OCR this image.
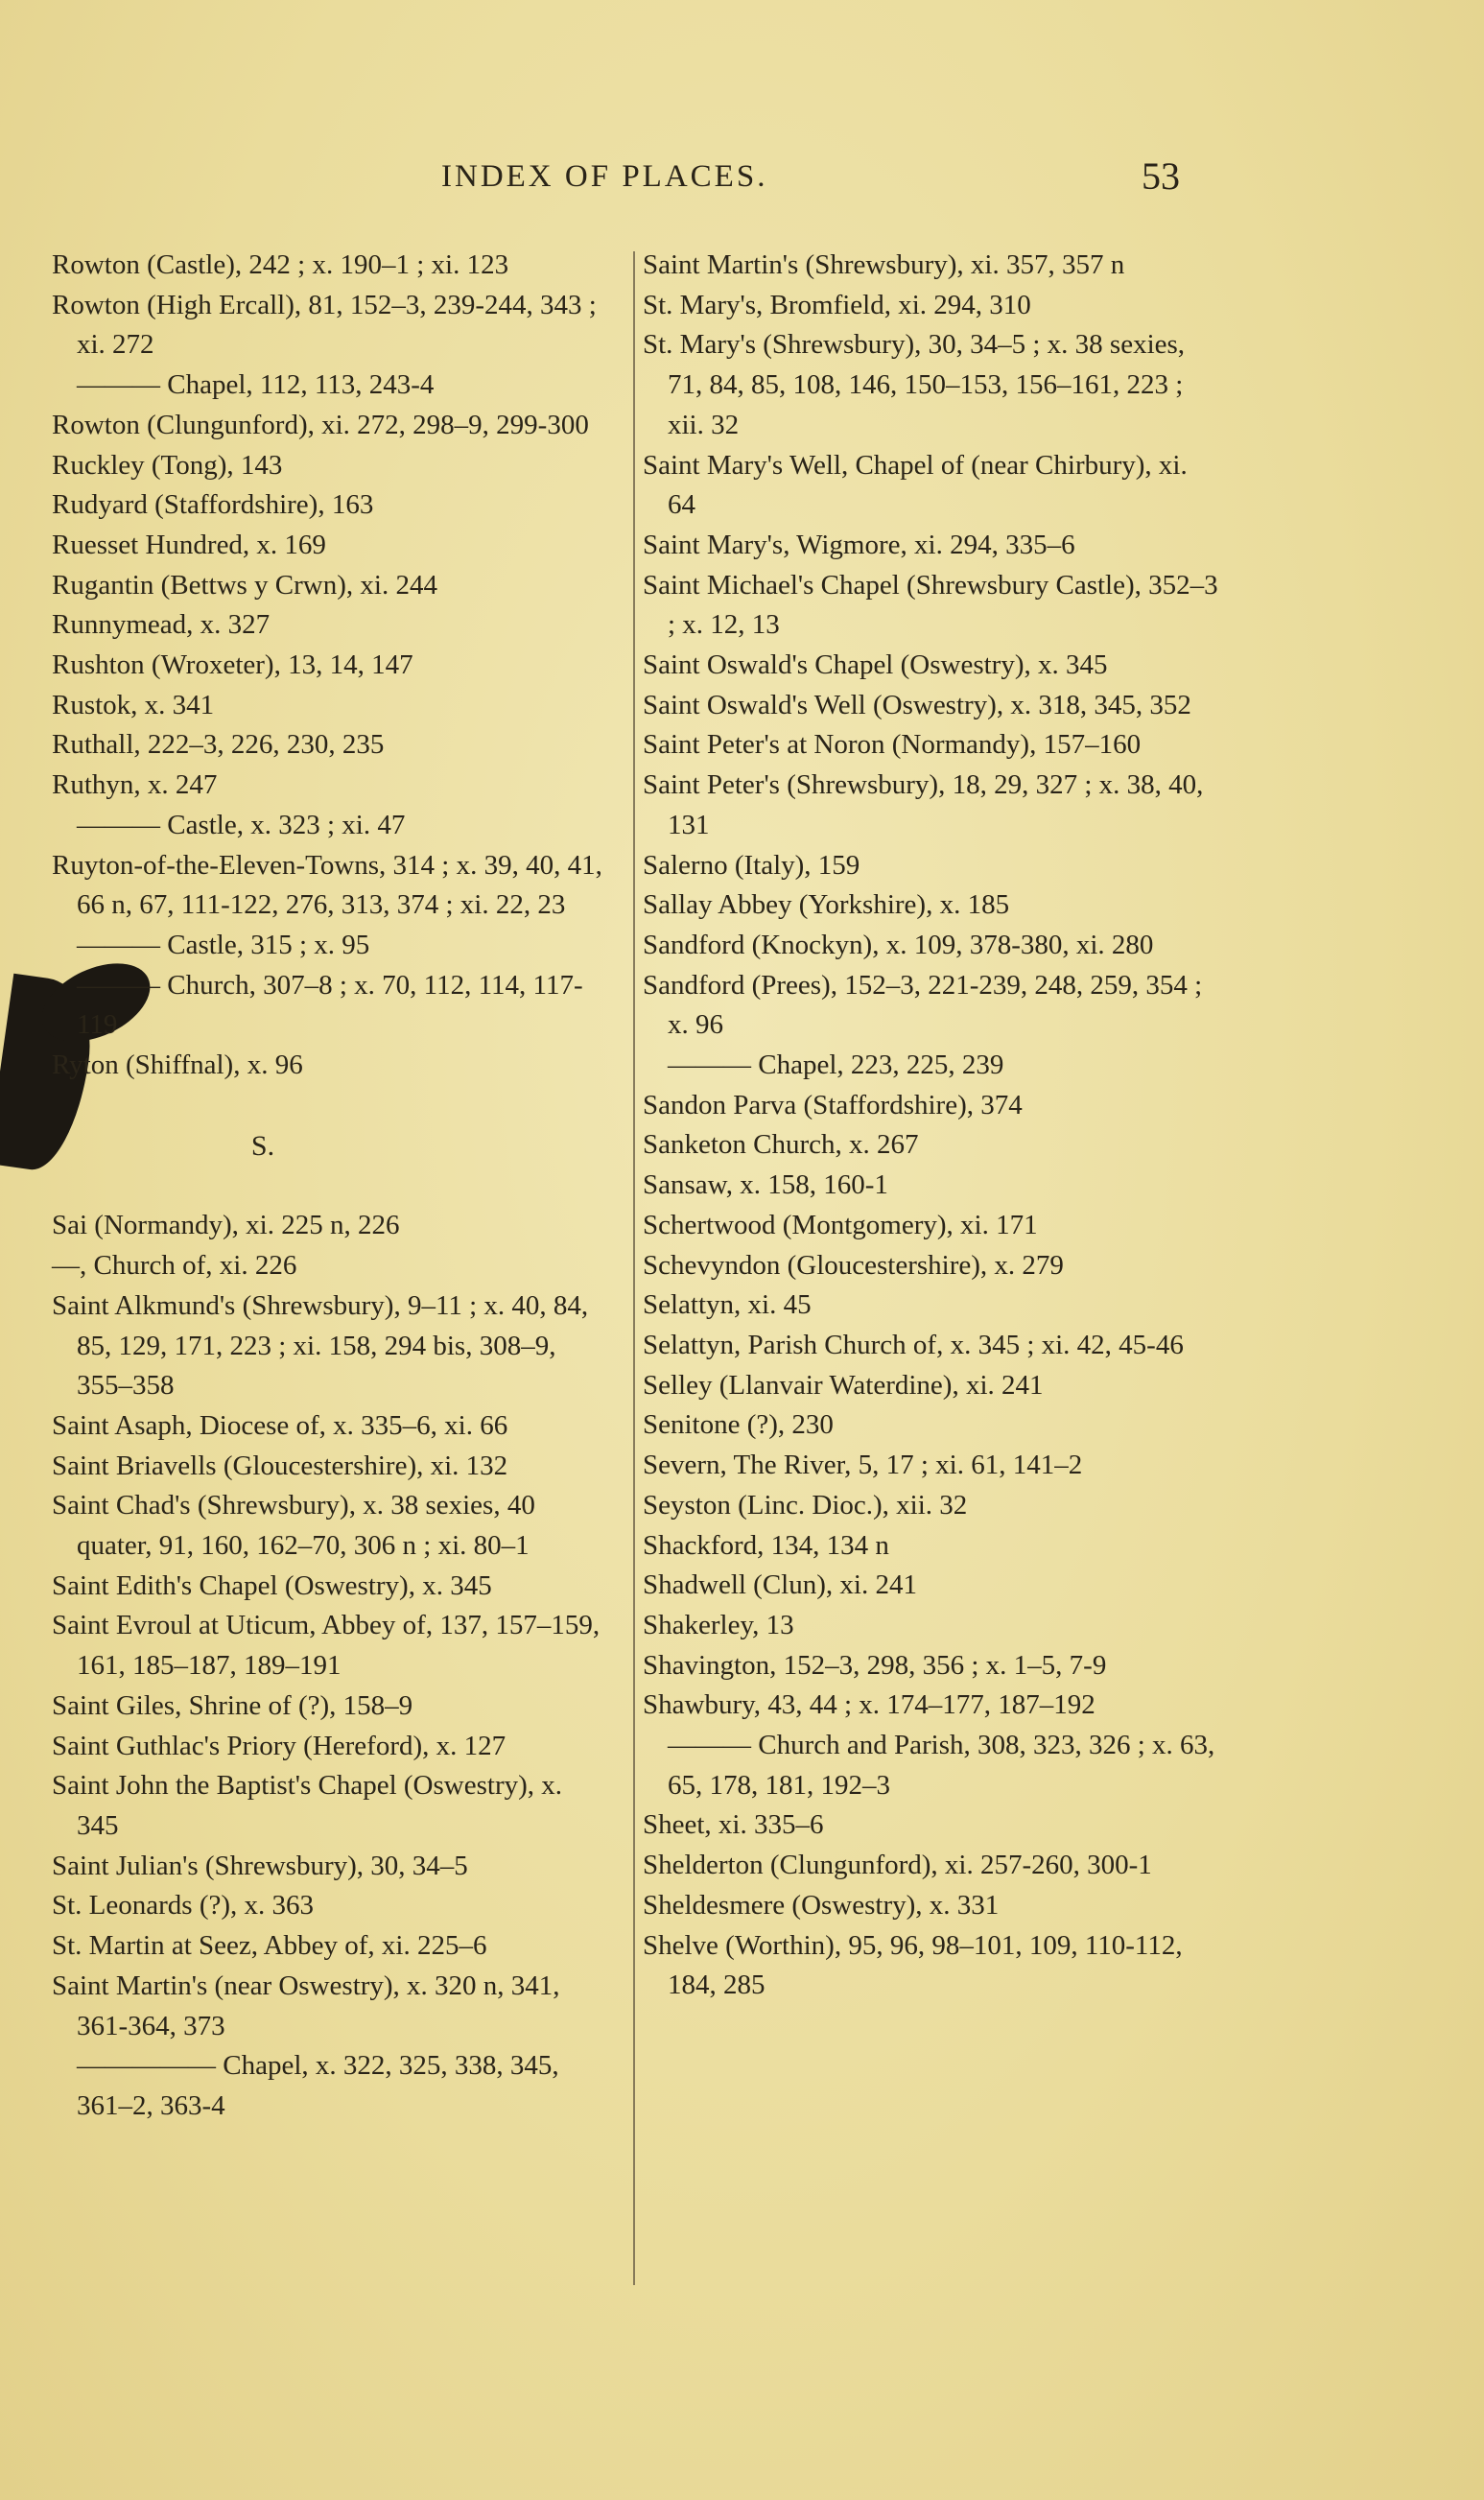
INDEX OF PLACES.	53

Rowton (Castle), 242 ; x. 190–1 ; xi. 123

Rowton (High Ercall), 81, 152–3, 239-244, 343 ; xi. 272

——— Chapel, 112, 113, 243-4

Rowton (Clungunford), xi. 272, 298–9, 299-300

Ruckley (Tong), 143

Rudyard (Staffordshire), 163

Ruesset Hundred, x. 169

Rugantin (Bettws y Crwn), xi. 244

Runnymead, x. 327

Rushton (Wroxeter), 13, 14, 147

Rustok, x. 341

Ruthall, 222–3, 226, 230, 235

Ruthyn, x. 247

——— Castle, x. 323 ; xi. 47

Ruyton-of-the-Eleven-Towns, 314 ; x. 39, 40, 41, 66 n, 67, 111-122, 276, 313, 374 ; xi. 22, 23

——— Castle, 315 ; x. 95

——— Church, 307–8 ; x. 70, 112, 114, 117-119

Ryton (Shiffnal), x. 96

S.

Sai (Normandy), xi. 225 n, 226

—, Church of, xi. 226

Saint Alkmund's (Shrewsbury), 9–11 ; x. 40, 84, 85, 129, 171, 223 ; xi. 158, 294 bis, 308–9, 355–358

Saint Asaph, Diocese of, x. 335–6, xi. 66

Saint Briavells (Gloucestershire), xi. 132

Saint Chad's (Shrewsbury), x. 38 sexies, 40 quater, 91, 160, 162–70, 306 n ; xi. 80–1

Saint Edith's Chapel (Oswestry), x. 345

Saint Evroul at Uticum, Abbey of, 137, 157–159, 161, 185–187, 189–191

Saint Giles, Shrine of (?), 158–9

Saint Guthlac's Priory (Hereford), x. 127

Saint John the Baptist's Chapel (Oswestry), x. 345

Saint Julian's (Shrewsbury), 30, 34–5

St. Leonards (?), x. 363

St. Martin at Seez, Abbey of, xi. 225–6

Saint Martin's (near Oswestry), x. 320 n, 341, 361-364, 373

————— Chapel, x. 322, 325, 338, 345, 361–2, 363-4

Saint Martin's (Shrewsbury), xi. 357, 357 n

St. Mary's, Bromfield, xi. 294, 310

St. Mary's (Shrewsbury), 30, 34–5 ; x. 38 sexies, 71, 84, 85, 108, 146, 150–153, 156–161, 223 ; xii. 32

Saint Mary's Well, Chapel of (near Chirbury), xi. 64

Saint Mary's, Wigmore, xi. 294, 335–6

Saint Michael's Chapel (Shrewsbury Castle), 352–3 ; x. 12, 13

Saint Oswald's Chapel (Oswestry), x. 345

Saint Oswald's Well (Oswestry), x. 318, 345, 352

Saint Peter's at Noron (Normandy), 157–160

Saint Peter's (Shrewsbury), 18, 29, 327 ; x. 38, 40, 131

Salerno (Italy), 159

Sallay Abbey (Yorkshire), x. 185

Sandford (Knockyn), x. 109, 378-380, xi. 280

Sandford (Prees), 152–3, 221-239, 248, 259, 354 ; x. 96

——— Chapel, 223, 225, 239

Sandon Parva (Staffordshire), 374

Sanketon Church, x. 267

Sansaw, x. 158, 160-1

Schertwood (Montgomery), xi. 171

Schevyndon (Gloucestershire), x. 279

Selattyn, xi. 45

Selattyn, Parish Church of, x. 345 ; xi. 42, 45-46

Selley (Llanvair Waterdine), xi. 241

Senitone (?), 230

Severn, The River, 5, 17 ; xi. 61, 141–2

Seyston (Linc. Dioc.), xii. 32

Shackford, 134, 134 n

Shadwell (Clun), xi. 241

Shakerley, 13

Shavington, 152–3, 298, 356 ; x. 1–5, 7-9

Shawbury, 43, 44 ; x. 174–177, 187–192

——— Church and Parish, 308, 323, 326 ; x. 63, 65, 178, 181, 192–3

Sheet, xi. 335–6

Shelderton (Clungunford), xi. 257-260, 300-1

Sheldesmere (Oswestry), x. 331

Shelve (Worthin), 95, 96, 98–101, 109, 110-112, 184, 285
